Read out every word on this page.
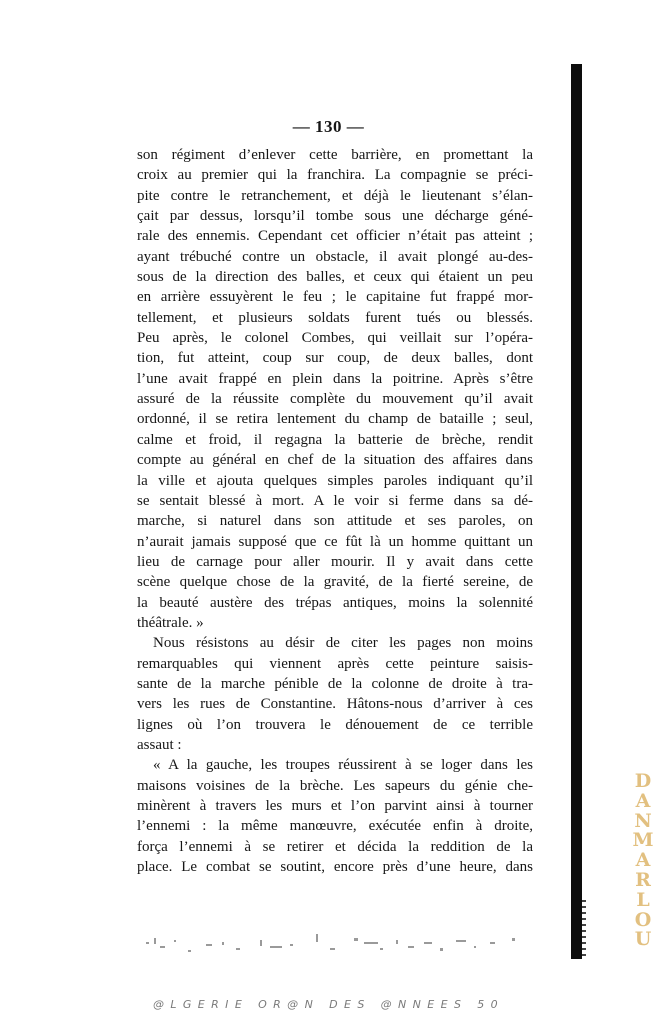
— 130 —
son régiment d’enlever cette barrière, en promettant la
croix au premier qui la franchira. La compagnie se préci-
pite contre le retranchement, et déjà le lieutenant s’élan-
çait par dessus, lorsqu’il tombe sous une décharge géné-
rale des ennemis. Cependant cet officier n’était pas atteint ;
ayant trébuché contre un obstacle, il avait plongé au-des-
sous de la direction des balles, et ceux qui étaient un peu
en arrière essuyèrent le feu ; le capitaine fut frappé mor-
tellement, et plusieurs soldats furent tués ou blessés.
Peu après, le colonel Combes, qui veillait sur l’opéra-
tion, fut atteint, coup sur coup, de deux balles, dont
l’une avait frappé en plein dans la poitrine. Après s’être
assuré de la réussite complète du mouvement qu’il avait
ordonné, il se retira lentement du champ de bataille ; seul,
calme et froid, il regagna la batterie de brèche, rendit
compte au général en chef de la situation des affaires dans
la ville et ajouta quelques simples paroles indiquant qu’il
se sentait blessé à mort. A le voir si ferme dans sa dé-
marche, si naturel dans son attitude et ses paroles, on
n’aurait jamais supposé que ce fût là un homme quittant un
lieu de carnage pour aller mourir. Il y avait dans cette
scène quelque chose de la gravité, de la fierté sereine, de
la beauté austère des trépas antiques, moins la solennité
théâtrale. »
Nous résistons au désir de citer les pages non moins
remarquables qui viennent après cette peinture saisis-
sante de la marche pénible de la colonne de droite à tra-
vers les rues de Constantine. Hâtons-nous d’arriver à ces
lignes où l’on trouvera le dénouement de ce terrible
assaut :
« A la gauche, les troupes réussirent à se loger dans les
maisons voisines de la brèche. Les sapeurs du génie che-
minèrent à travers les murs et l’on parvint ainsi à tourner
l’ennemi : la même manœuvre, exécutée enfin à droite,
força l’ennemi à se retirer et décida la reddition de la
place. Le combat se soutint, encore près d’une heure, dans
DANMARLOU
@LGERIE OR@N DES @NNEES 50
